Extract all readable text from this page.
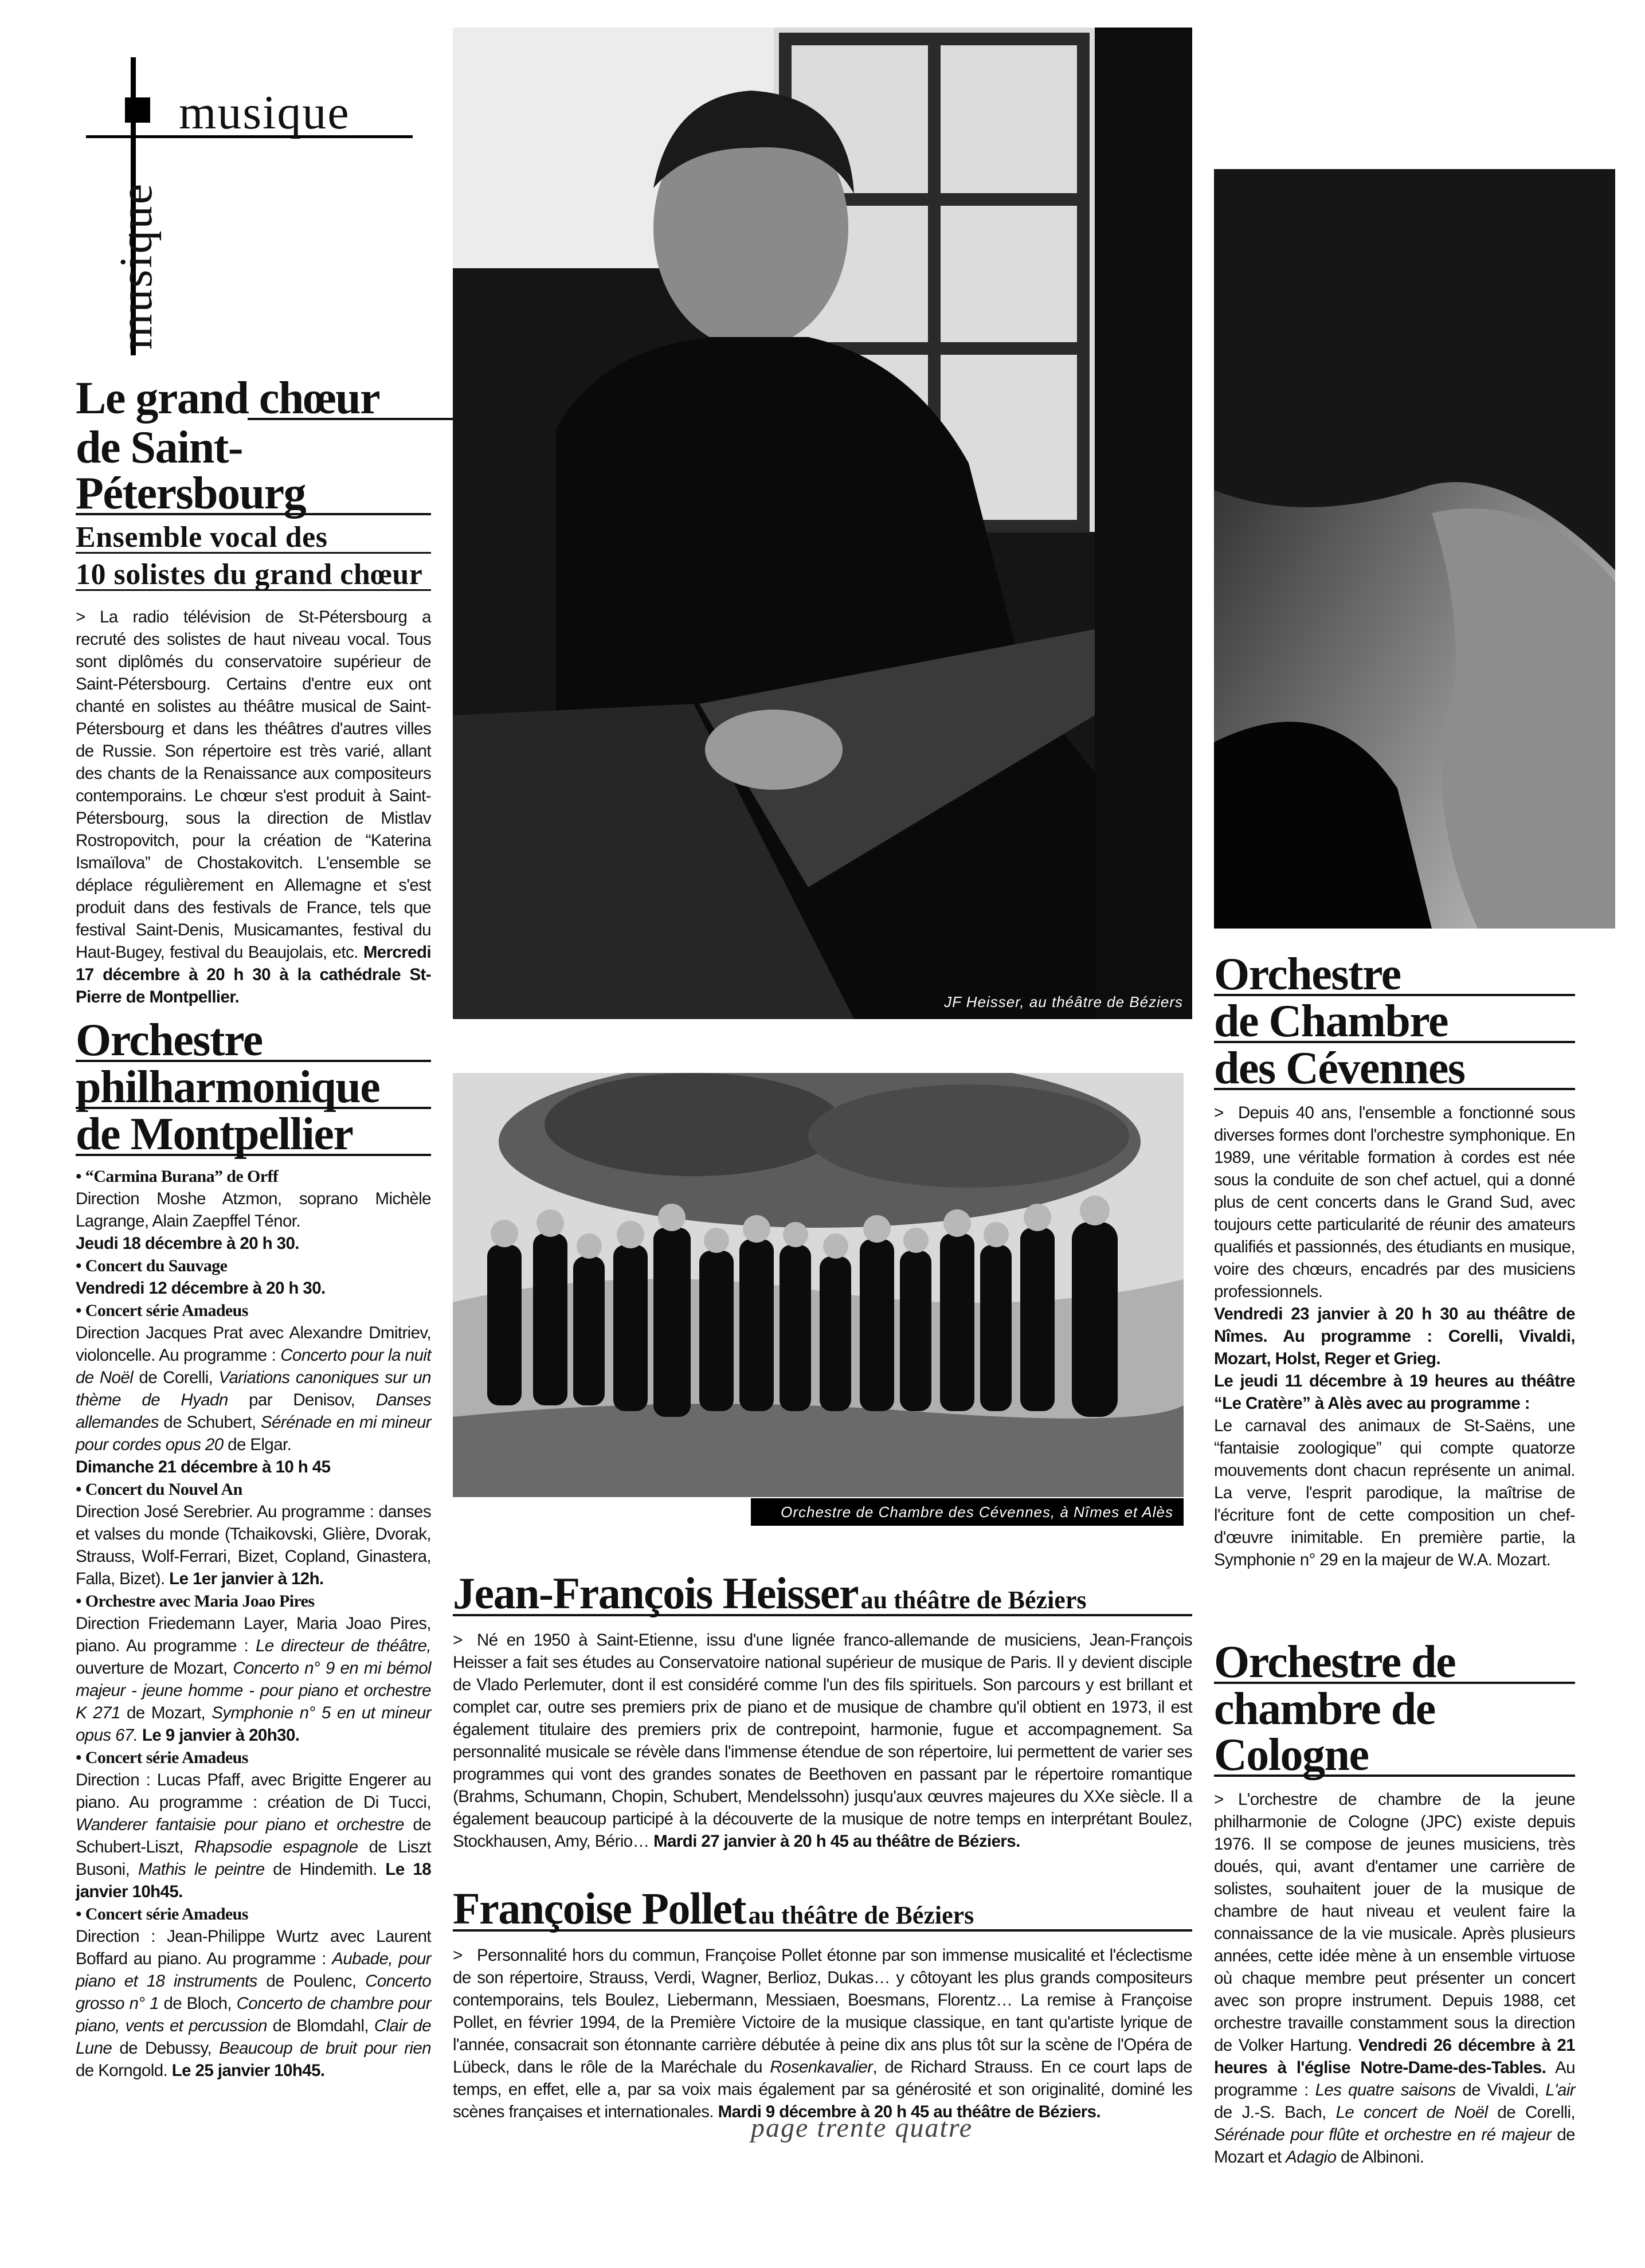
musique
musique
Le grand chœur
de Saint-Pétersbourg
Ensemble vocal des
10 solistes du grand chœur
> La radio télévision de St-Pétersbourg a recruté des solistes de haut niveau vocal. Tous sont diplômés du conservatoire supérieur de Saint-Pétersbourg. Certains d'entre eux ont chanté en solistes au théâtre musical de Saint-Pétersbourg et dans les théâtres d'autres villes de Russie. Son répertoire est très varié, allant des chants de la Renaissance aux compositeurs contemporains. Le chœur s'est produit à Saint-Pétersbourg, sous la direction de Mistlav Rostropovitch, pour la création de “Katerina Ismaïlova” de Chostakovitch. L'ensemble se déplace régulièrement en Allemagne et s'est produit dans des festivals de France, tels que festival Saint-Denis, Musicamantes, festival du Haut-Bugey, festival du Beaujolais, etc. Mercredi 17 décembre à 20 h 30 à la cathédrale St-Pierre de Montpellier.
Orchestre
philharmonique
de Montpellier
• “Carmina Burana” de Orff
Direction Moshe Atzmon, soprano Michèle Lagrange, Alain Zaepffel Ténor.
Jeudi 18 décembre à 20 h 30.
• Concert du Sauvage
Vendredi 12 décembre à 20 h 30.
• Concert série Amadeus
Direction Jacques Prat avec Alexandre Dmitriev, violoncelle. Au programme : Concerto pour la nuit de Noël de Corelli, Variations canoniques sur un thème de Hyadn par Denisov, Danses allemandes de Schubert, Sérénade en mi mineur pour cordes opus 20 de Elgar.
Dimanche 21 décembre à 10 h 45
• Concert du Nouvel An
Direction José Serebrier. Au programme : danses et valses du monde (Tchaikovski, Glière, Dvorak, Strauss, Wolf-Ferrari, Bizet, Copland, Ginastera, Falla, Bizet). Le 1er janvier à 12h.
• Orchestre avec Maria Joao Pires
Direction Friedemann Layer, Maria Joao Pires, piano. Au programme : Le directeur de théâtre, ouverture de Mozart, Concerto n° 9 en mi bémol majeur - jeune homme - pour piano et orchestre K 271 de Mozart, Symphonie n° 5 en ut mineur opus 67. Le 9 janvier à 20h30.
• Concert série Amadeus
Direction : Lucas Pfaff, avec Brigitte Engerer au piano. Au programme : création de Di Tucci, Wanderer fantaisie pour piano et orchestre de Schubert-Liszt, Rhapsodie espagnole de Liszt Busoni, Mathis le peintre de Hindemith. Le 18 janvier 10h45.
• Concert série Amadeus
Direction : Jean-Philippe Wurtz avec Laurent Boffard au piano. Au programme : Aubade, pour piano et 18 instruments de Poulenc, Concerto grosso n° 1 de Bloch, Concerto de chambre pour piano, vents et percussion de Blomdahl, Clair de Lune de Debussy, Beaucoup de bruit pour rien de Korngold. Le 25 janvier 10h45.
JF Heisser, au théâtre de Béziers
Orchestre de Chambre des Cévennes, à Nîmes et Alès
Jean-François Heisser au théâtre de Béziers
> Né en 1950 à Saint-Etienne, issu d'une lignée franco-allemande de musiciens, Jean-François Heisser a fait ses études au Conservatoire national supérieur de musique de Paris. Il y devient disciple de Vlado Perlemuter, dont il est considéré comme l'un des fils spirituels. Son parcours y est brillant et complet car, outre ses premiers prix de piano et de musique de chambre qu'il obtient en 1973, il est également titulaire des premiers prix de contrepoint, harmonie, fugue et accompagnement. Sa personnalité musicale se révèle dans l'immense étendue de son répertoire, lui permettent de varier ses programmes qui vont des grandes sonates de Beethoven en passant par le répertoire romantique (Brahms, Schumann, Chopin, Schubert, Mendelssohn) jusqu'aux œuvres majeures du XXe siècle. Il a également beaucoup participé à la découverte de la musique de notre temps en interprétant Boulez, Stockhausen, Amy, Bério… Mardi 27 janvier à 20 h 45 au théâtre de Béziers.
Françoise Pollet au théâtre de Béziers
> Personnalité hors du commun, Françoise Pollet étonne par son immense musicalité et l'éclectisme de son répertoire, Strauss, Verdi, Wagner, Berlioz, Dukas… y côtoyant les plus grands compositeurs contemporains, tels Boulez, Liebermann, Messiaen, Boesmans, Florentz… La remise à Françoise Pollet, en février 1994, de la Première Victoire de la musique classique, en tant qu'artiste lyrique de l'année, consacrait son étonnante carrière débutée à peine dix ans plus tôt sur la scène de l'Opéra de Lübeck, dans le rôle de la Maréchale du Rosenkavalier, de Richard Strauss. En ce court laps de temps, en effet, elle a, par sa voix mais également par sa générosité et son originalité, dominé les scènes françaises et internationales. Mardi 9 décembre à 20 h 45 au théâtre de Béziers.
Orchestre
de Chambre
des Cévennes
> Depuis 40 ans, l'ensemble a fonctionné sous diverses formes dont l'orchestre symphonique. En 1989, une véritable formation à cordes est née sous la conduite de son chef actuel, qui a donné plus de cent concerts dans le Grand Sud, avec toujours cette particularité de réunir des amateurs qualifiés et passionnés, des étudiants en musique, voire des chœurs, encadrés par des musiciens professionnels.
Vendredi 23 janvier à 20 h 30 au théâtre de Nîmes. Au programme : Corelli, Vivaldi, Mozart, Holst, Reger et Grieg.
Le jeudi 11 décembre à 19 heures au théâtre “Le Cratère” à Alès avec au programme :
Le carnaval des animaux de St-Saëns, une “fantaisie zoologique” qui compte quatorze mouvements dont chacun représente un animal. La verve, l'esprit parodique, la maîtrise de l'écriture font de cette composition un chef-d'œuvre inimitable. En première partie, la Symphonie n° 29 en la majeur de W.A. Mozart.
Orchestre de
chambre de Cologne
> L'orchestre de chambre de la jeune philharmonie de Cologne (JPC) existe depuis 1976. Il se compose de jeunes musiciens, très doués, qui, avant d'entamer une carrière de solistes, souhaitent jouer de la musique de chambre de haut niveau et veulent faire la connaissance de la vie musicale. Après plusieurs années, cette idée mène à un ensemble virtuose où chaque membre peut présenter un concert avec son propre instrument. Depuis 1988, cet orchestre travaille constamment sous la direction de Volker Hartung. Vendredi 26 décembre à 21 heures à l'église Notre-Dame-des-Tables. Au programme : Les quatre saisons de Vivaldi, L'air de J.-S. Bach, Le concert de Noël de Corelli, Sérénade pour flûte et orchestre en ré majeur de Mozart et Adagio de Albinoni.
page trente quatre
